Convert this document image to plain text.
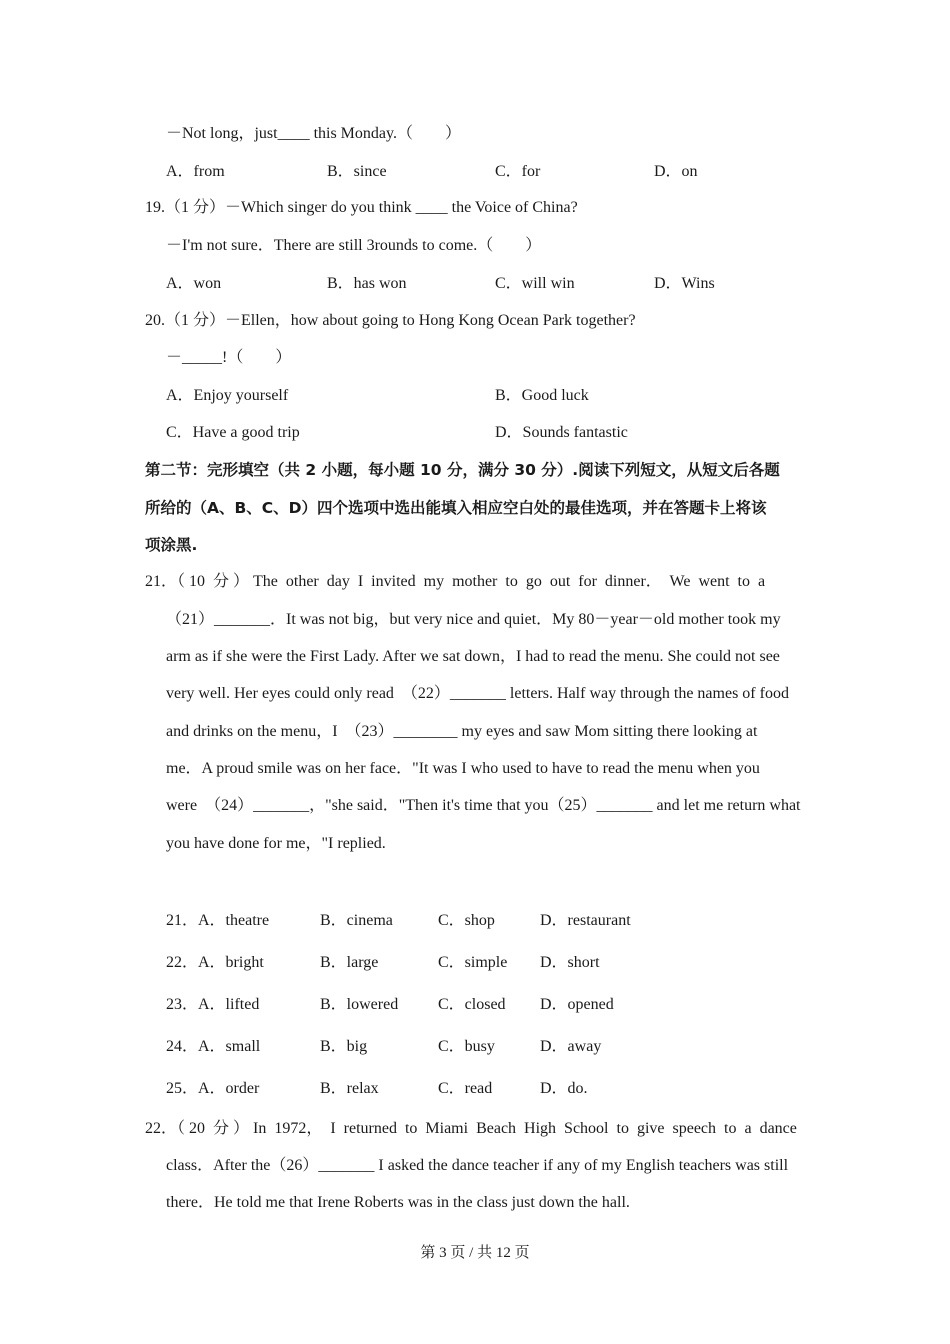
－Not long，just____ this Monday.（　　）
A．from	B．since	C．for	D．on
19.（1 分）－Which singer do you think ____ the Voice of China?
－I'm not sure．There are still 3rounds to come.（　　）
A．won	B．has won	C．will win	D．Wins
20.（1 分）－Ellen，how about going to Hong Kong Ocean Park together?
－_____!（　　）
A．Enjoy yourself	B．Good luck
C．Have a good trip	D．Sounds fantastic
第二节：完形填空（共 2 小题，每小题 10 分，满分 30 分）.阅读下列短文，从短文后各题
所给的（A、B、C、D）四个选项中选出能填入相应空白处的最佳选项，并在答题卡上将该
项涂黑.
21．（ 10  分 ） The  other  day  I  invited  my  mother  to  go  out  for  dinner．  We  went  to  a
（21）_______．It was not big，but very nice and quiet．My 80－year－old mother took my
arm as if she were the First Lady. After we sat down，I had to read the menu. She could not see
very well. Her eyes could only read  （22）_______ letters. Half way through the names of food
and drinks on the menu，I  （23）________ my eyes and saw Mom sitting there looking at
me．A proud smile was on her face．"It was I who used to have to read the menu when you
were  （24）_______，"she said．"Then it's time that you（25）_______ and let me return what
you have done for me，"I replied.
21．A．theatre	B．cinema	C．shop	D．restaurant
22．A．bright	B．large	C．simple D．short
23．A．lifted	B．lowered C．closed D．opened
24．A．small	B．big	C．busy	D．away
25．A．order	B．relax	C．read	D．do.
22．（ 20  分 ） In  1972，  I  returned  to  Miami  Beach  High  School  to  give  speech  to  a  dance
class．After the（26）_______ I asked the dance teacher if any of my English teachers was still
there．He told me that Irene Roberts was in the class just down the hall.
第 3 页 / 共 12 页
